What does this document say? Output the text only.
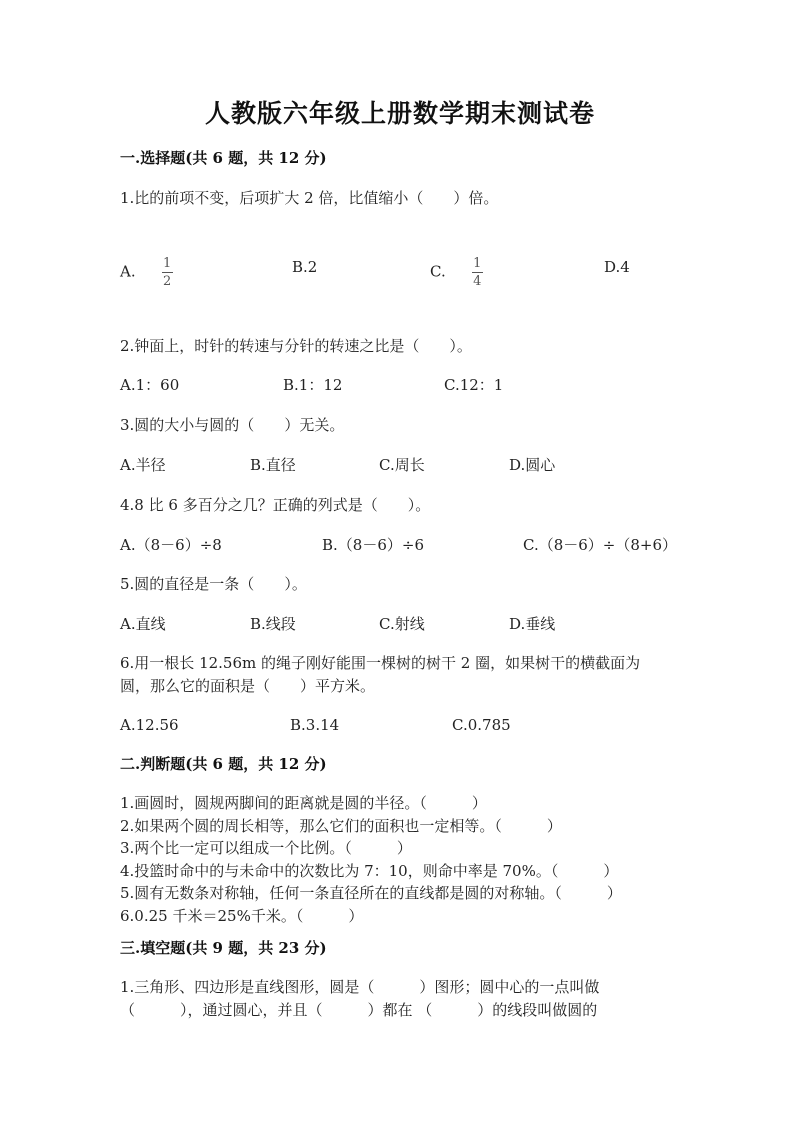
人教版六年级上册数学期末测试卷
一.选择题(共 6 题，共 12 分)
1.比的前项不变，后项扩大 2 倍，比值缩小（　　）倍。
A. $\frac{1}{2}$	B.2	C. $\frac{1}{4}$	D.4
2.钟面上，时针的转速与分针的转速之比是（　　）。
A.1：60	B.1：12	C.12：1
3.圆的大小与圆的（　　）无关。
A.半径	B.直径	C.周长	D.圆心
4.8 比 6 多百分之几？正确的列式是（　　）。
A.（8－6）÷8	B.（8－6）÷6	C.（8－6）÷（8+6）
5.圆的直径是一条（　　）。
A.直线	B.线段	C.射线	D.垂线
6.用一根长 12.56m 的绳子刚好能围一棵树的树干 2 圈，如果树干的横截面为
圆，那么它的面积是（　　）平方米。
A.12.56	B.3.14	C.0.785
二.判断题(共 6 题，共 12 分)
1.画圆时，圆规两脚间的距离就是圆的半径。（　　　）
2.如果两个圆的周长相等，那么它们的面积也一定相等。（　　　）
3.两个比一定可以组成一个比例。（　　　）
4.投篮时命中的与未命中的次数比为 7：10，则命中率是 70%。（　　　）
5.圆有无数条对称轴，任何一条直径所在的直线都是圆的对称轴。（　　　）
6.0.25 千米＝25%千米。（　　　）
三.填空题(共 9 题，共 23 分)
1.三角形、四边形是直线图形，圆是（　　　）图形；圆中心的一点叫做
（　　　），通过圆心，并且（　　　）都在 （　　　）的线段叫做圆的
